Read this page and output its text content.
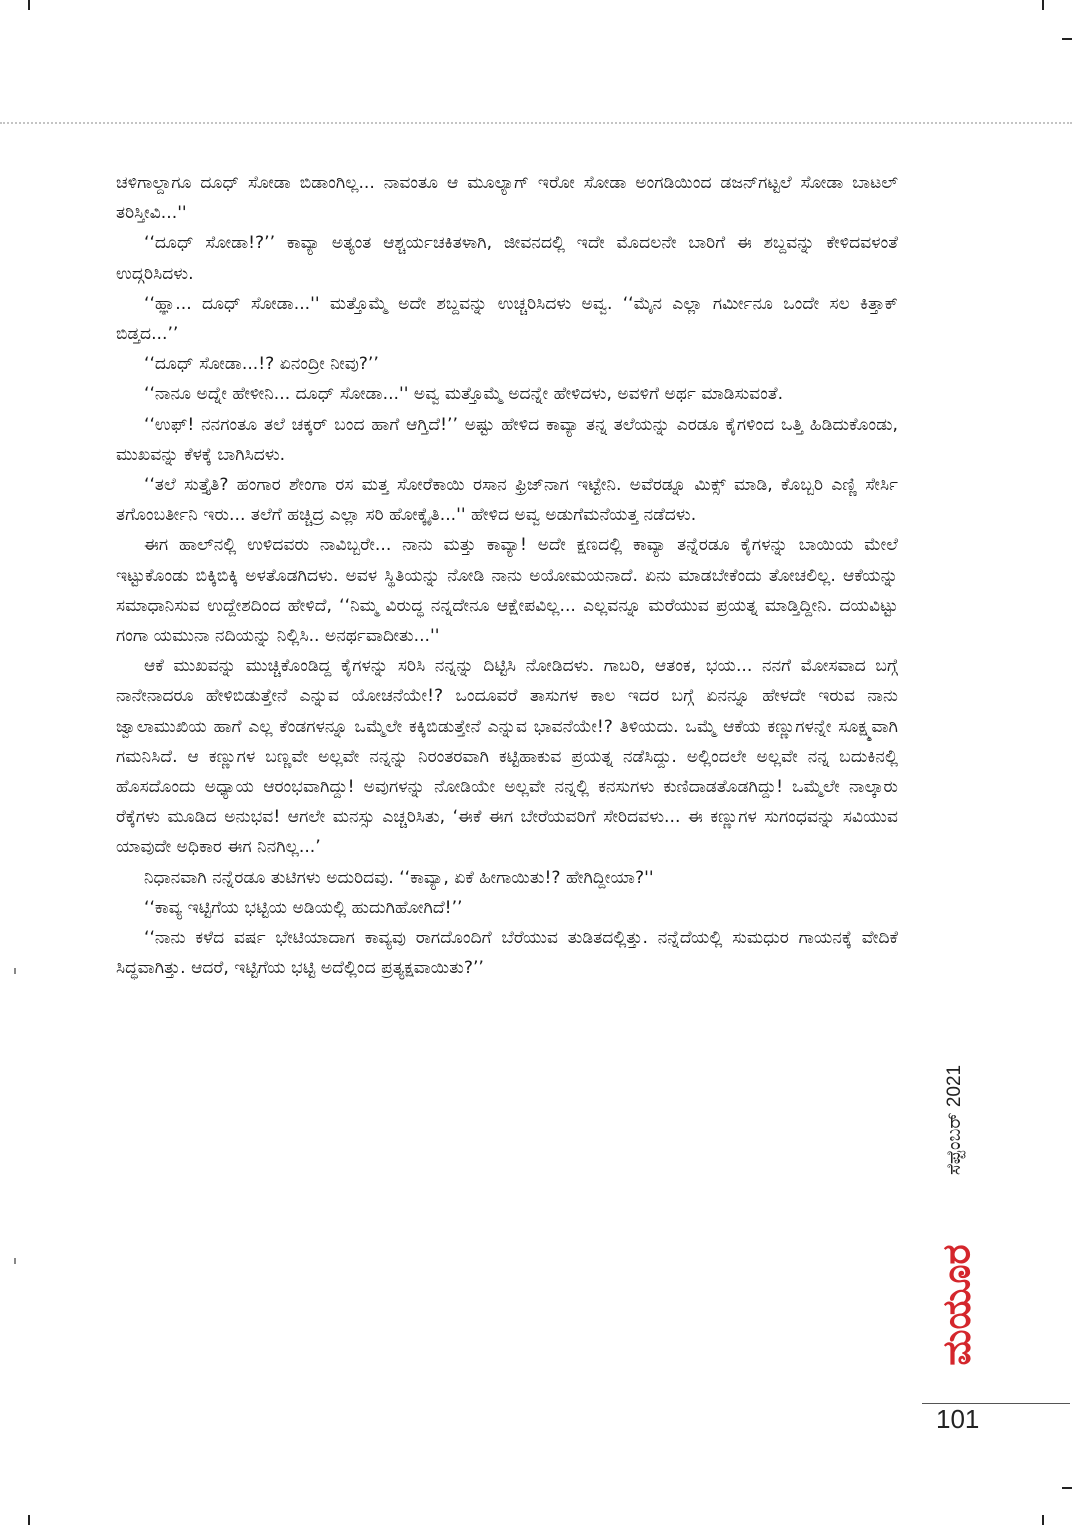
ಚಳಿಗಾಲ್ದಾಗೂ ದೂಧ್ ಸೋಡಾ ಬಿಡಾಂಗಿಲ್ಲ... ನಾವಂತೂ ಆ ಮೂಲ್ಯಾಗ್ ಇರೋ ಸೋಡಾ ಅಂಗಡಿಯಿಂದ ಡಜನ್‌ಗಟ್ಟಲೆ ಸೋಡಾ ಬಾಟಲ್ ತರಿಸ್ತೀವಿ...''

‘‘ದೂಧ್ ಸೋಡಾ!?’’ ಕಾವ್ಯಾ ಅತ್ಯಂತ ಆಶ್ಚರ್ಯಚಕಿತಳಾಗಿ, ಜೀವನದಲ್ಲಿ ಇದೇ ಮೊದಲನೇ ಬಾರಿಗೆ ಈ ಶಬ್ದವನ್ನು ಕೇಳಿದವಳಂತೆ ಉದ್ಗರಿಸಿದಳು.

‘‘ಹ್ಞಾ... ದೂಧ್ ಸೋಡಾ...'' ಮತ್ತೊಮ್ಮೆ ಅದೇ ಶಬ್ದವನ್ನು ಉಚ್ಚರಿಸಿದಳು ಅವ್ವ. ‘‘ಮೈನ ಎಲ್ಲಾ ಗರ್ಮೀನೂ ಒಂದೇ ಸಲ ಕಿತ್ತಾಕ್ ಬಿಡ್ತದ...’’

‘‘ದೂಧ್ ಸೋಡಾ...!? ಏನಂದ್ರೀ ನೀವು?’’

‘‘ನಾನೂ ಅದ್ನೇ ಹೇಳೀನಿ... ದೂಧ್ ಸೋಡಾ...'' ಅವ್ವ ಮತ್ತೊಮ್ಮೆ ಅದನ್ನೇ ಹೇಳಿದಳು, ಅವಳಿಗೆ ಅರ್ಥ ಮಾಡಿಸುವಂತೆ.

‘‘ಉಫ್! ನನಗಂತೂ ತಲೆ ಚಕ್ಕರ್ ಬಂದ ಹಾಗೆ ಆಗ್ತಿದೆ!’’ ಅಷ್ಟು ಹೇಳಿದ ಕಾವ್ಯಾ ತನ್ನ ತಲೆಯನ್ನು ಎರಡೂ ಕೈಗಳಿಂದ ಒತ್ತಿ ಹಿಡಿದುಕೊಂಡು, ಮುಖವನ್ನು ಕೆಳಕ್ಕೆ ಬಾಗಿಸಿದಳು.

‘‘ತಲೆ ಸುತ್ತೈತಿ? ಹಂಗಾರ ಶೇಂಗಾ ರಸ ಮತ್ತ ಸೋರೆಕಾಯಿ ರಸಾನ ಫ್ರಿಜ್‌ನಾಗ ಇಟ್ಟೇನಿ. ಅವೆರಡ್ನೂ ಮಿಕ್ಸ್ ಮಾಡಿ, ಕೊಬ್ಬರಿ ಎಣ್ಣಿ ಸೇರ್ಸಿ ತಗೊಂಬರ್ತೀನಿ ಇರು... ತಲೆಗೆ ಹಚ್ಚಿದ್ರ ಎಲ್ಲಾ ಸರಿ ಹೋಕ್ಕೈತಿ...'' ಹೇಳಿದ ಅವ್ವ ಅಡುಗೆಮನೆಯತ್ತ ನಡೆದಳು.

ಈಗ ಹಾಲ್‌ನಲ್ಲಿ ಉಳಿದವರು ನಾವಿಬ್ಬರೇ... ನಾನು ಮತ್ತು ಕಾವ್ಯಾ! ಅದೇ ಕ್ಷಣದಲ್ಲಿ ಕಾವ್ಯಾ ತನ್ನೆರಡೂ ಕೈಗಳನ್ನು ಬಾಯಿಯ ಮೇಲೆ ಇಟ್ಟುಕೊಂಡು ಬಿಕ್ಕಿಬಿಕ್ಕಿ ಅಳತೊಡಗಿದಳು. ಅವಳ ಸ್ಥಿತಿಯನ್ನು ನೋಡಿ ನಾನು ಅಯೋಮಯನಾದೆ. ಏನು ಮಾಡಬೇಕೆಂದು ತೋಚಲಿಲ್ಲ. ಆಕೆಯನ್ನು ಸಮಾಧಾನಿಸುವ ಉದ್ದೇಶದಿಂದ ಹೇಳಿದೆ, ‘‘ನಿಮ್ಮ ವಿರುದ್ಧ ನನ್ನದೇನೂ ಆಕ್ಷೇಪವಿಲ್ಲ... ಎಲ್ಲವನ್ನೂ ಮರೆಯುವ ಪ್ರಯತ್ನ ಮಾಡ್ತಿದ್ದೀನಿ. ದಯವಿಟ್ಟು ಗಂಗಾ ಯಮುನಾ ನದಿಯನ್ನು ನಿಲ್ಲಿಸಿ.. ಅನರ್ಥವಾದೀತು...''

ಆಕೆ ಮುಖವನ್ನು ಮುಚ್ಚಿಕೊಂಡಿದ್ದ ಕೈಗಳನ್ನು ಸರಿಸಿ ನನ್ನನ್ನು ದಿಟ್ಟಿಸಿ ನೋಡಿದಳು. ಗಾಬರಿ, ಆತಂಕ, ಭಯ... ನನಗೆ ಮೋಸವಾದ ಬಗ್ಗೆ ನಾನೇನಾದರೂ ಹೇಳಿಬಿಡುತ್ತೇನೆ ಎನ್ನುವ ಯೋಚನೆಯೇ!? ಒಂದೂವರೆ ತಾಸುಗಳ ಕಾಲ ಇದರ ಬಗ್ಗೆ ಏನನ್ನೂ ಹೇಳದೇ ಇರುವ ನಾನು ಜ್ವಾಲಾಮುಖಿಯ ಹಾಗೆ ಎಲ್ಲ ಕೆಂಡಗಳನ್ನೂ ಒಮ್ಮೆಲೇ ಕಕ್ಕಿಬಿಡುತ್ತೇನೆ ಎನ್ನುವ ಭಾವನೆಯೇ!? ತಿಳಿಯದು. ಒಮ್ಮೆ ಆಕೆಯ ಕಣ್ಣುಗಳನ್ನೇ ಸೂಕ್ಷ್ಮವಾಗಿ ಗಮನಿಸಿದೆ. ಆ ಕಣ್ಣುಗಳ ಬಣ್ಣವೇ ಅಲ್ಲವೇ ನನ್ನನ್ನು ನಿರಂತರವಾಗಿ ಕಟ್ಟಿಹಾಕುವ ಪ್ರಯತ್ನ ನಡೆಸಿದ್ದು. ಅಲ್ಲಿಂದಲೇ ಅಲ್ಲವೇ ನನ್ನ ಬದುಕಿನಲ್ಲಿ ಹೊಸದೊಂದು ಅಧ್ಯಾಯ ಆರಂಭವಾಗಿದ್ದು! ಅವುಗಳನ್ನು ನೋಡಿಯೇ ಅಲ್ಲವೇ ನನ್ನಲ್ಲಿ ಕನಸುಗಳು ಕುಣಿದಾಡತೊಡಗಿದ್ದು! ಒಮ್ಮೆಲೇ ನಾಲ್ಕಾರು ರೆಕ್ಕೆಗಳು ಮೂಡಿದ ಅನುಭವ! ಆಗಲೇ ಮನಸ್ಸು ಎಚ್ಚರಿಸಿತು, ‘ಈಕೆ ಈಗ ಬೇರೆಯವರಿಗೆ ಸೇರಿದವಳು... ಈ ಕಣ್ಣುಗಳ ಸುಗಂಧವನ್ನು ಸವಿಯುವ ಯಾವುದೇ ಅಧಿಕಾರ ಈಗ ನಿನಗಿಲ್ಲ...’

ನಿಧಾನವಾಗಿ ನನ್ನೆರಡೂ ತುಟಿಗಳು ಅದುರಿದವು. ‘‘ಕಾವ್ಯಾ, ಏಕೆ ಹೀಗಾಯಿತು!? ಹೇಗಿದ್ದೀಯಾ?''

‘‘ಕಾವ್ಯ ಇಟ್ಟಿಗೆಯ ಭಟ್ಟಿಯ ಅಡಿಯಲ್ಲಿ ಹುದುಗಿಹೋಗಿದೆ!’’

‘‘ನಾನು ಕಳೆದ ವರ್ಷ ಭೇಟಿಯಾದಾಗ ಕಾವ್ಯವು ರಾಗದೊಂದಿಗೆ ಬೆರೆಯುವ ತುಡಿತದಲ್ಲಿತ್ತು. ನನ್ನೆದೆಯಲ್ಲಿ ಸುಮಧುರ ಗಾಯನಕ್ಕೆ ವೇದಿಕೆ ಸಿದ್ಧವಾಗಿತ್ತು. ಆದರೆ, ಇಟ್ಟಿಗೆಯ ಭಟ್ಟಿ ಅದೆಲ್ಲಿಂದ ಪ್ರತ್ಯಕ್ಷವಾಯಿತು?’’

ಸೆಪ್ಟೆಂಬರ್ 2021
ಮಯೂರ
101
